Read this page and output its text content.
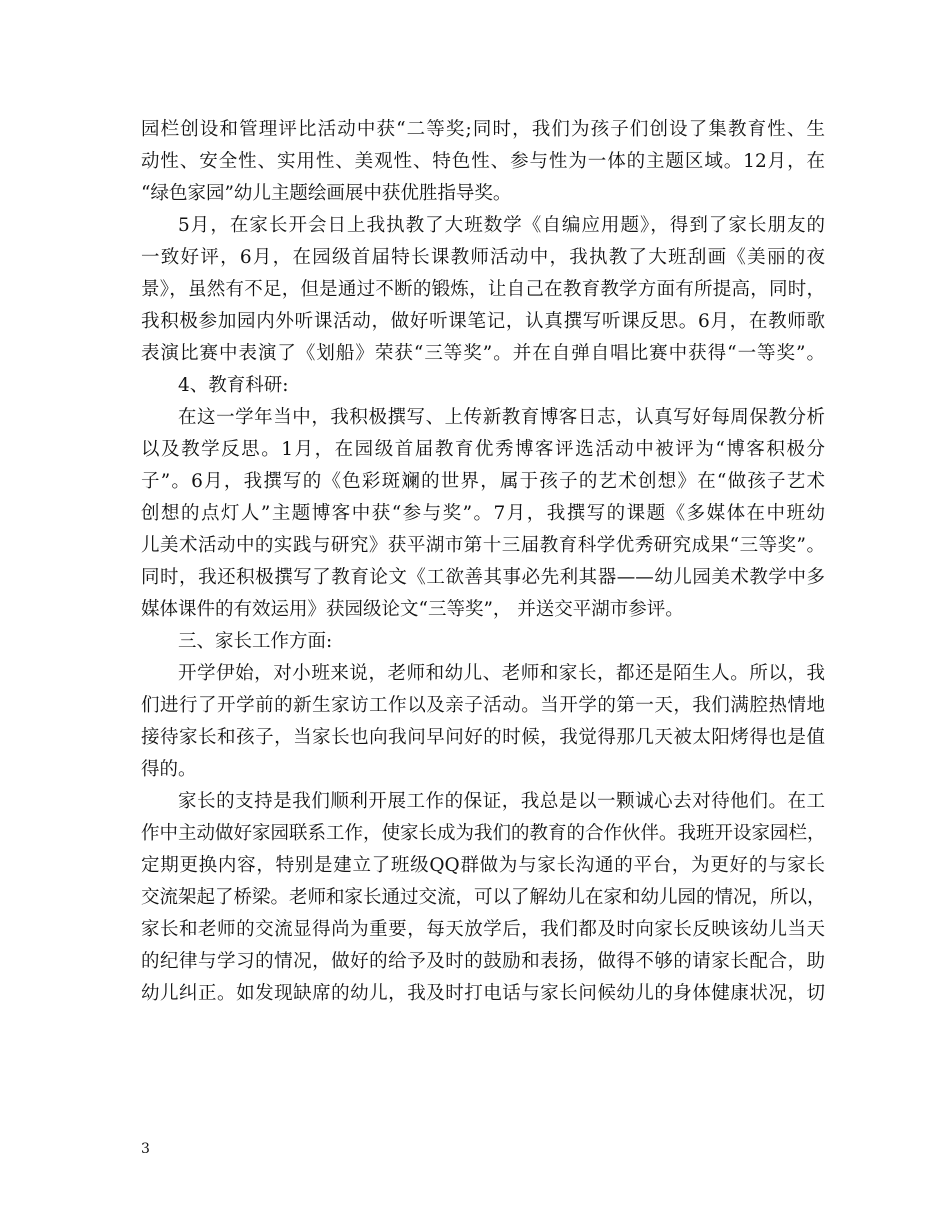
园栏创设和管理评比活动中获“二等奖;同时，我们为孩子们创设了集教育性、生
动性、安全性、实用性、美观性、特色性、参与性为一体的主题区域。12月，在
“绿色家园”幼儿主题绘画展中获优胜指导奖。
5月，在家长开会日上我执教了大班数学《自编应用题》，得到了家长朋友的
一致好评，6月，在园级首届特长课教师活动中，我执教了大班刮画《美丽的夜
景》，虽然有不足，但是通过不断的锻炼，让自己在教育教学方面有所提高，同时，
我积极参加园内外听课活动，做好听课笔记，认真撰写听课反思。6月，在教师歌
表演比赛中表演了《划船》荣获“三等奖”。并在自弹自唱比赛中获得“一等奖”。
4、教育科研:
在这一学年当中，我积极撰写、上传新教育博客日志，认真写好每周保教分析
以及教学反思。1月，在园级首届教育优秀博客评选活动中被评为“博客积极分
子”。6月，我撰写的《色彩斑斓的世界，属于孩子的艺术创想》在“做孩子艺术
创想的点灯人”主题博客中获“参与奖”。7月，我撰写的课题《多媒体在中班幼
儿美术活动中的实践与研究》获平湖市第十三届教育科学优秀研究成果“三等奖”。
同时，我还积极撰写了教育论文《工欲善其事必先利其器——幼儿园美术教学中多
媒体课件的有效运用》获园级论文“三等奖”， 并送交平湖市参评。
三、家长工作方面:
开学伊始，对小班来说，老师和幼儿、老师和家长，都还是陌生人。所以，我
们进行了开学前的新生家访工作以及亲子活动。当开学的第一天，我们满腔热情地
接待家长和孩子，当家长也向我问早问好的时候，我觉得那几天被太阳烤得也是值
得的。
家长的支持是我们顺利开展工作的保证，我总是以一颗诚心去对待他们。在工
作中主动做好家园联系工作，使家长成为我们的教育的合作伙伴。我班开设家园栏，
定期更换内容，特别是建立了班级QQ群做为与家长沟通的平台，为更好的与家长
交流架起了桥梁。老师和家长通过交流，可以了解幼儿在家和幼儿园的情况，所以，
家长和老师的交流显得尚为重要，每天放学后，我们都及时向家长反映该幼儿当天
的纪律与学习的情况，做好的给予及时的鼓励和表扬，做得不够的请家长配合，助
幼儿纠正。如发现缺席的幼儿，我及时打电话与家长问候幼儿的身体健康状况，切
3
